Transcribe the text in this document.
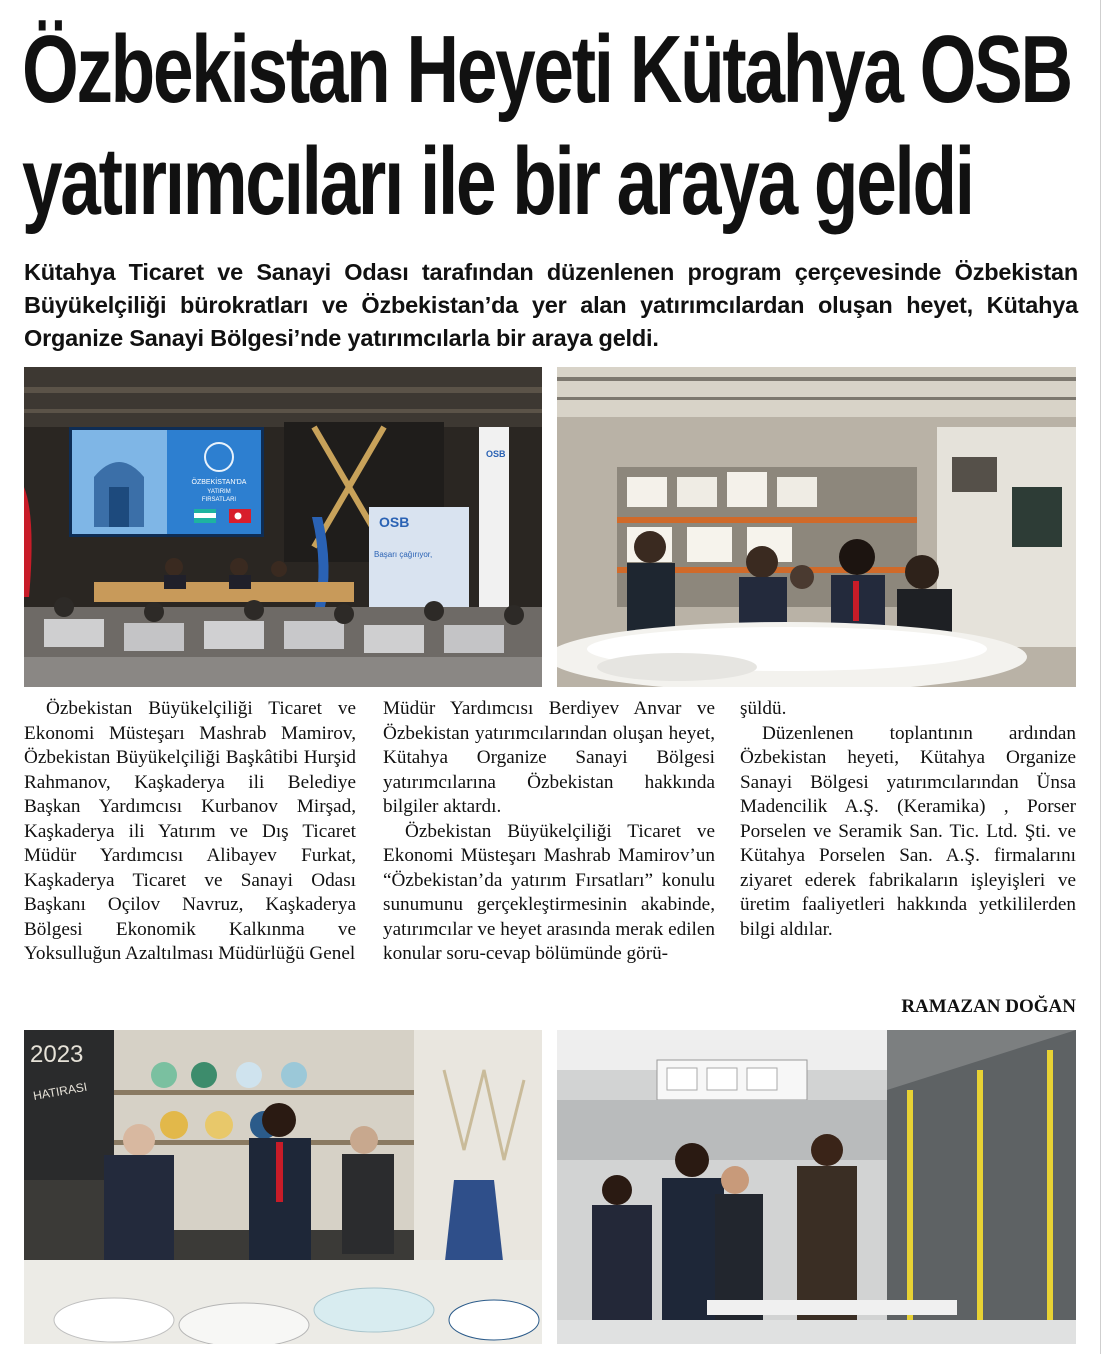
Özbekistan Heyeti Kütahya OSB
yatırımcıları ile bir araya geldi
Kütahya Ticaret ve Sanayi Odası tarafından düzenlenen program çerçevesinde Özbekistan Büyükelçiliği bürokratları ve Özbekistan’da yer alan yatırımcılardan oluşan heyet, Kütahya Organize Sanayi Bölgesi’nde yatırımcılarla bir araya geldi.
ÖZBEKİSTAN'DA
YATIRIM
FIRSATLARI
OSB
Başarı çağırıyor,
OSB

Özbekistan Büyükelçiliği Ticaret ve Ekonomi Müsteşarı Mashrab Mamirov, Özbekistan Büyükelçiliği Başkâtibi Hurşid Rahmanov, Kaşkaderya ili Belediye Başkan Yardımcısı Kurbanov Mirşad, Kaşkaderya ili Yatırım ve Dış Ticaret Müdür Yardımcısı Alibayev Furkat, Kaşkaderya Ticaret ve Sanayi Odası Başkanı Oçilov Navruz, Kaşkaderya Bölgesi Ekonomik Kalkınma ve Yoksulluğun Azaltılması Müdürlüğü Genel

Müdür Yardımcısı Berdiyev Anvar ve Özbekistan yatırımcılarından oluşan heyet, Kütahya Organize Sanayi Bölgesi yatırımcılarına Özbekistan hakkında bilgiler aktardı.

Özbekistan Büyükelçiliği Ticaret ve Ekonomi Müsteşarı Mashrab Mamirov’un “Özbekistan’da yatırım Fırsatları” konulu sunumunu gerçekleştirmesinin akabinde, yatırımcılar ve heyet arasında merak edilen konular soru-cevap bölümünde görü-

şüldü.

Düzenlenen toplantının ardından Özbekistan heyeti, Kütahya Organize Sanayi Bölgesi yatırımcılarından Ünsa Madencilik A.Ş. (Keramika) , Porser Porselen ve Seramik San. Tic. Ltd. Şti. ve Kütahya Porselen San. A.Ş. firmalarını ziyaret ederek fabrikaların işleyişleri ve üretim faaliyetleri hakkında yetkililerden bilgi aldılar.

RAMAZAN DOĞAN
2023
HATIRASI
